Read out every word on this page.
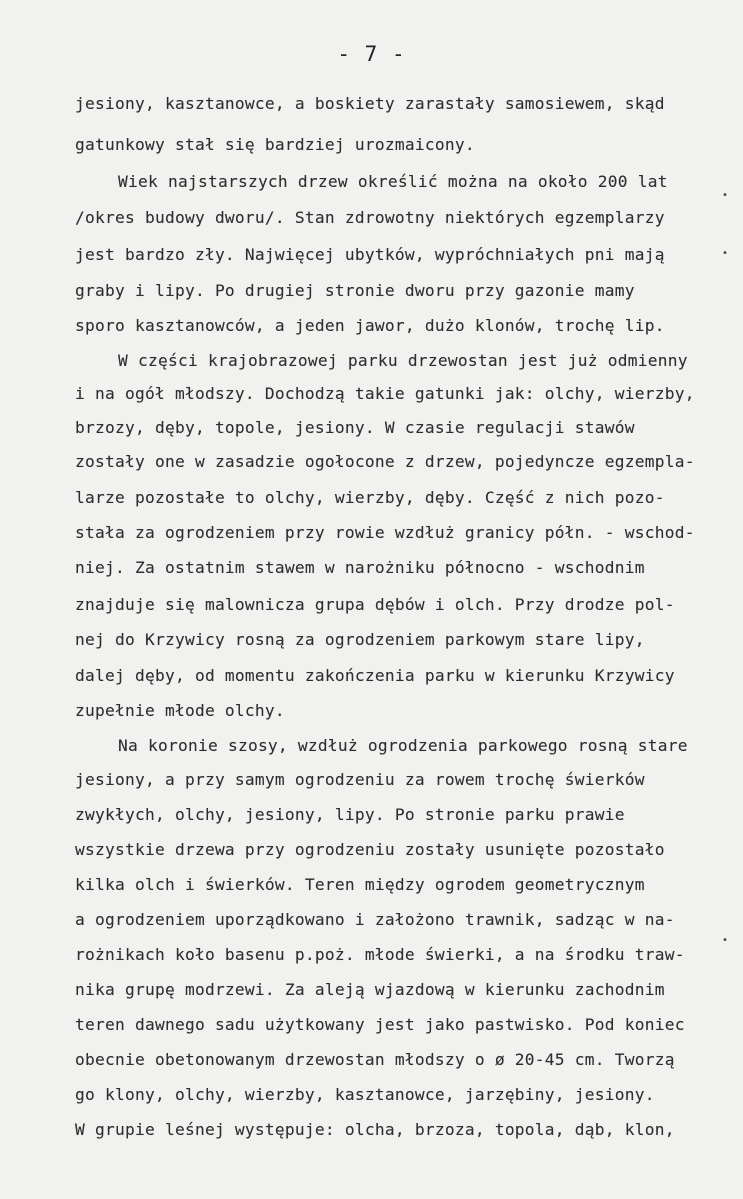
- 7 -
jesiony, kasztanowce, a boskiety zarastały samosiewem, skąd
gatunkowy stał się bardziej urozmaicony.
Wiek najstarszych drzew określić można na około 200 lat
/okres budowy dworu/. Stan zdrowotny niektórych egzemplarzy
jest bardzo zły. Najwięcej ubytków, wypróchniałych pni mają
graby i lipy. Po drugiej stronie dworu przy gazonie mamy
sporo kasztanowców, a jeden jawor, dużo klonów, trochę lip.
W części krajobrazowej parku drzewostan jest już odmienny
i na ogół młodszy. Dochodzą takie gatunki jak: olchy, wierzby,
brzozy, dęby, topole, jesiony. W czasie regulacji stawów
zostały one w zasadzie ogołocone z drzew, pojedyncze egzempla-
larze pozostałe to olchy, wierzby, dęby. Część z nich pozo-
stała za ogrodzeniem przy rowie wzdłuż granicy półn. - wschod-
niej. Za ostatnim stawem w narożniku północno - wschodnim
znajduje się malownicza grupa dębów i olch. Przy drodze pol-
nej do Krzywicy rosną za ogrodzeniem parkowym stare lipy,
dalej dęby, od momentu zakończenia parku w kierunku Krzywicy
zupełnie młode olchy.
Na koronie szosy, wzdłuż ogrodzenia parkowego rosną stare
jesiony, a przy samym ogrodzeniu za rowem trochę świerków
zwykłych, olchy, jesiony, lipy. Po stronie parku prawie
wszystkie drzewa przy ogrodzeniu zostały usunięte pozostało
kilka olch i świerków. Teren między ogrodem geometrycznym
a ogrodzeniem uporządkowano i założono trawnik, sadząc w na-
rożnikach koło basenu p.poż. młode świerki, a na środku traw-
nika grupę modrzewi. Za aleją wjazdową w kierunku zachodnim
teren dawnego sadu użytkowany jest jako pastwisko. Pod koniec
obecnie obetonowanym drzewostan młodszy o ø 20-45 cm. Tworzą
go klony, olchy, wierzby, kasztanowce, jarzębiny, jesiony.
W grupie leśnej występuje: olcha, brzoza, topola, dąb, klon,
•
•
•
